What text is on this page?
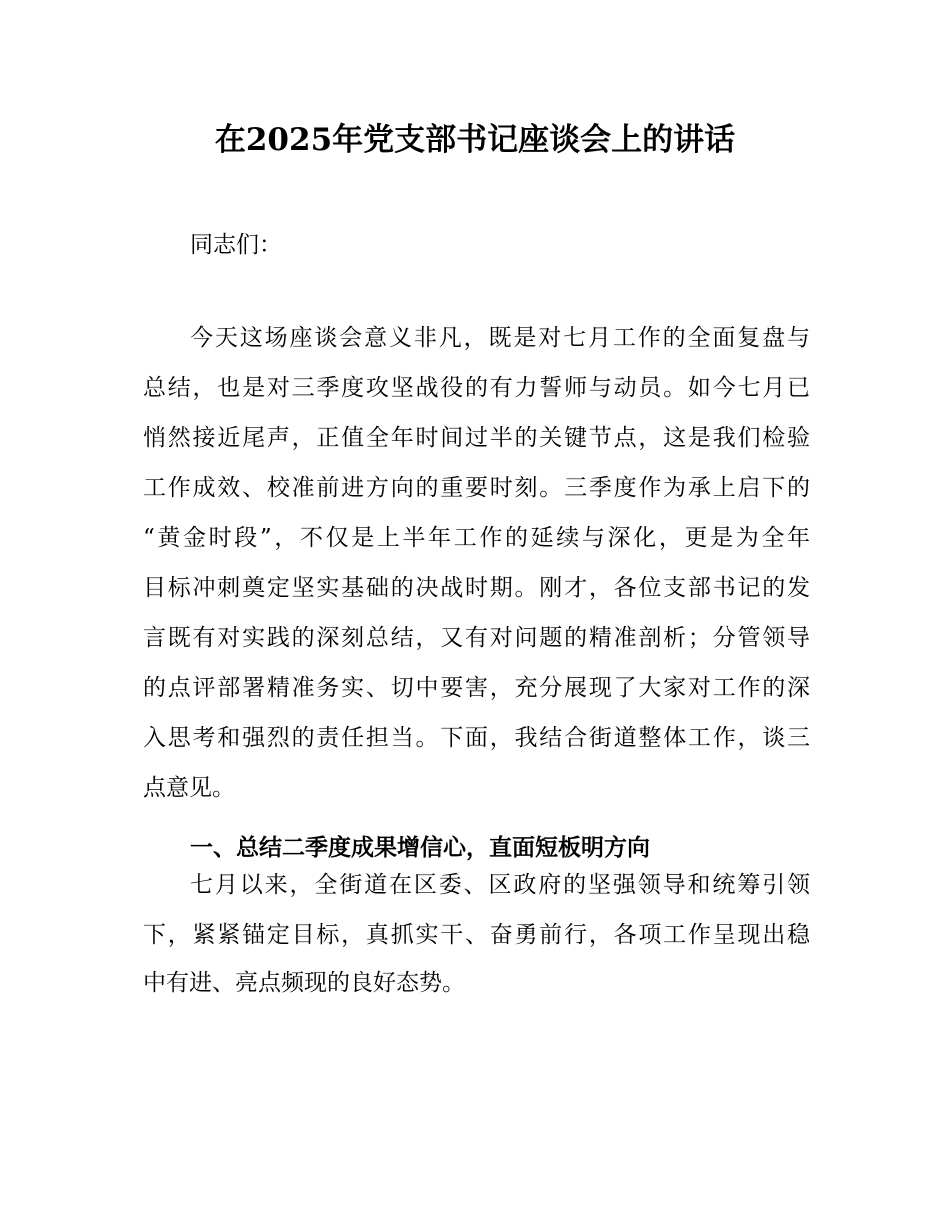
在2025年党支部书记座谈会上的讲话
同志们：
今天这场座谈会意义非凡，既是对七月工作的全面复盘与
总结，也是对三季度攻坚战役的有力誓师与动员。如今七月已
悄然接近尾声，正值全年时间过半的关键节点，这是我们检验
工作成效、校准前进方向的重要时刻。三季度作为承上启下的
“黄金时段”，不仅是上半年工作的延续与深化，更是为全年
目标冲刺奠定坚实基础的决战时期。刚才，各位支部书记的发
言既有对实践的深刻总结，又有对问题的精准剖析；分管领导
的点评部署精准务实、切中要害，充分展现了大家对工作的深
入思考和强烈的责任担当。下面，我结合街道整体工作，谈三
点意见。
一、总结二季度成果增信心，直面短板明方向
七月以来，全街道在区委、区政府的坚强领导和统筹引领
下，紧紧锚定目标，真抓实干、奋勇前行，各项工作呈现出稳
中有进、亮点频现的良好态势。
